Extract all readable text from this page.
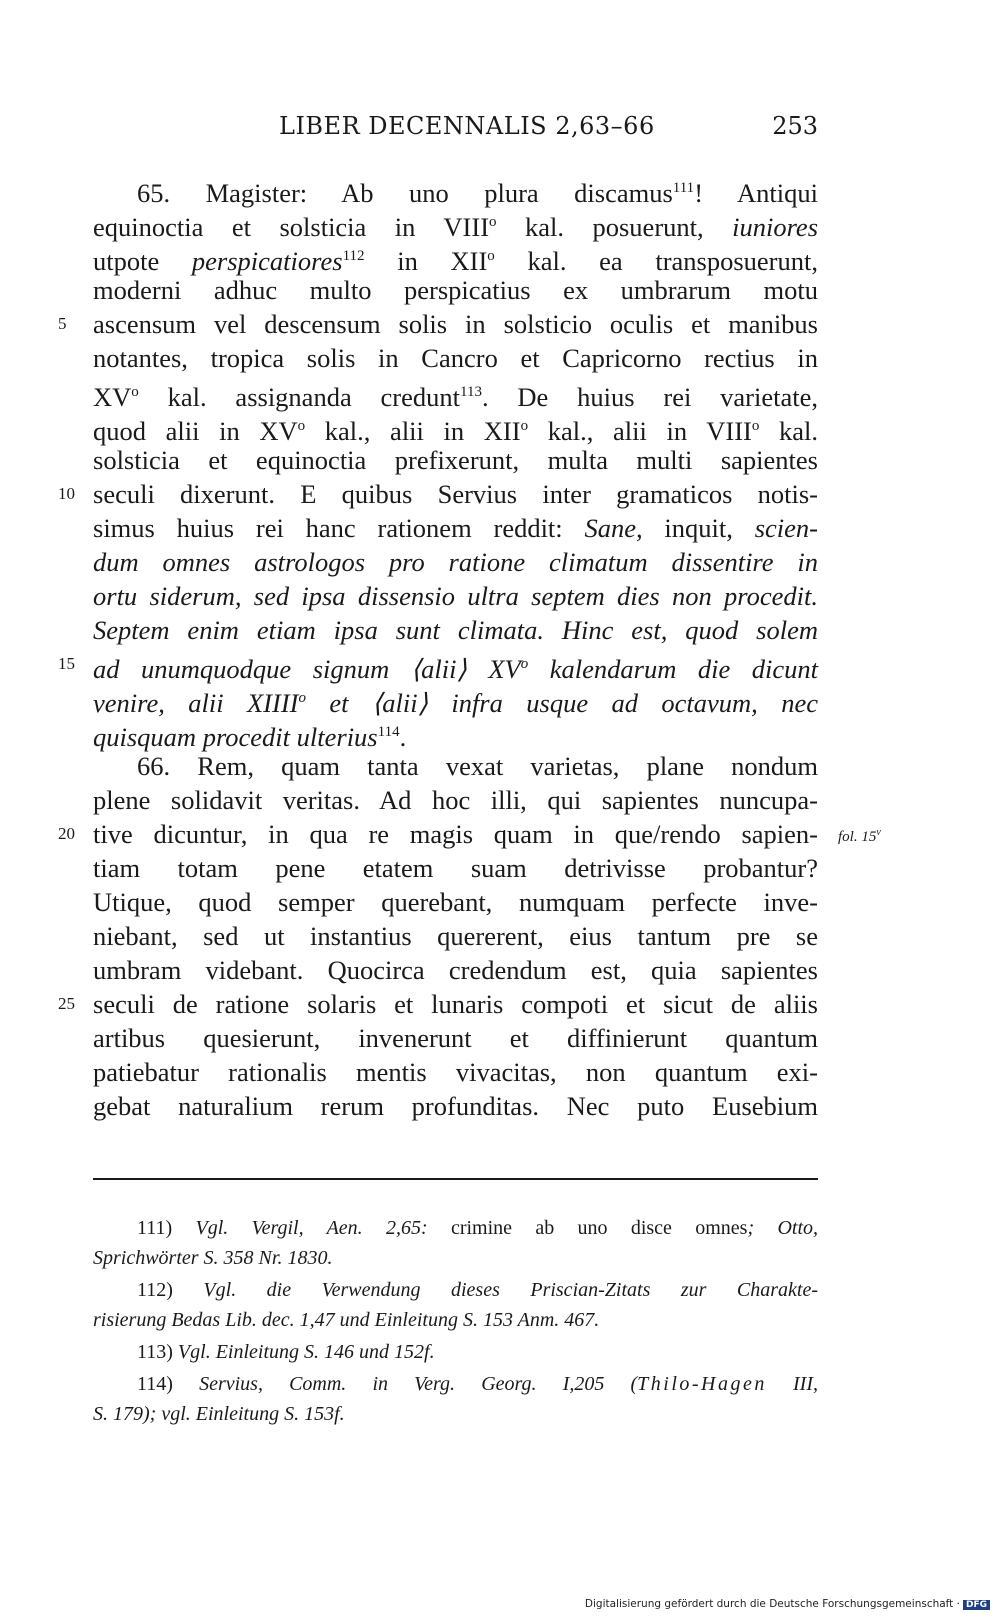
LIBER DECENNALIS 2,63–66	253
5
10
15
20
25
fol. 15$^v$
65. Magister: Ab uno plura discamus$^{111}$! Antiqui
equinoctia et solsticia in VIII$^o$ kal. posuerunt, iuniores
utpote perspicatiores$^{112}$ in XII$^o$ kal. ea transposuerunt,
moderni adhuc multo perspicatius ex umbrarum motu
ascensum vel descensum solis in solsticio oculis et manibus
notantes, tropica solis in Cancro et Capricorno rectius in
$XV^o$ kal. assignanda credunt$^{113}$. De huius rei varietate,
quod alii in $XV^o$ kal., alii in XII$^o$ kal., alii in VIII$^o$ kal.
solsticia et equinoctia prefixerunt, multa multi sapientes
seculi dixerunt. E quibus Servius inter gramaticos notis-
simus huius rei hanc rationem reddit: Sane, inquit, scien-
dum omnes astrologos pro ratione climatum dissentire in
ortu siderum, sed ipsa dissensio ultra septem dies non procedit.
Septem enim etiam ipsa sunt climata. Hinc est, quod solem
ad unumquodque signum ⟨alii⟩ $XV^o$ kalendarum die dicunt
venire, alii XIIII$^o$ et ⟨alii⟩ infra usque ad octavum, nec
quisquam procedit ulterius$^{114}$.
66. Rem, quam tanta vexat varietas, plane nondum
plene solidavit veritas. Ad hoc illi, qui sapientes nuncupa-
tive dicuntur, in qua re magis quam in que/rendo sapien-
tiam totam pene etatem suam detrivisse probantur?
Utique, quod semper querebant, numquam perfecte inve-
niebant, sed ut instantius quererent, eius tantum pre se
umbram videbant. Quocirca credendum est, quia sapientes
seculi de ratione solaris et lunaris compoti et sicut de aliis
artibus quesierunt, invenerunt et diffinierunt quantum
patiebatur rationalis mentis vivacitas, non quantum exi-
gebat naturalium rerum profunditas. Nec puto Eusebium
111) Vgl. Vergil, Aen. 2,65: crimine ab uno disce omnes; Otto,
Sprichwörter S. 358 Nr. 1830.
112) Vgl. die Verwendung dieses Priscian-Zitats zur Charakte-
risierung Bedas Lib. dec. 1,47 und Einleitung S. 153 Anm. 467.
113) Vgl. Einleitung S. 146 und 152f.
114) Servius, Comm. in Verg. Georg. I,205 (Thilo-Hagen III,
S. 179); vgl. Einleitung S. 153f.
Digitalisierung gefördert durch die Deutsche Forschungsgemeinschaft · DFG
